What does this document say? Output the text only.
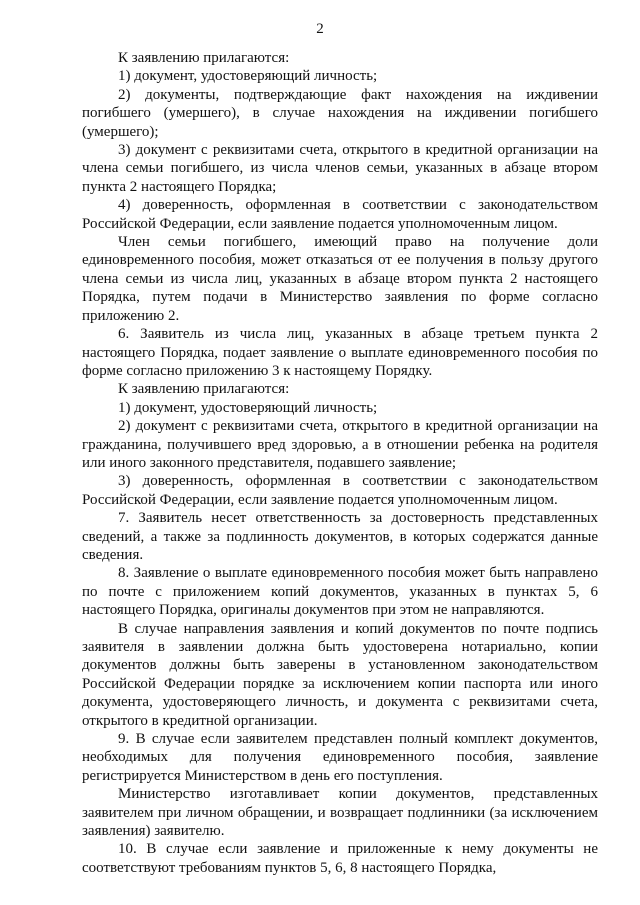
2

К заявлению прилагаются:

1) документ, удостоверяющий личность;

2) документы, подтверждающие факт нахождения на иждивении погибшего (умершего), в случае нахождения на иждивении погибшего (умершего);

3) документ с реквизитами счета, открытого в кредитной организации на члена семьи погибшего, из числа членов семьи, указанных в абзаце втором пункта 2 настоящего Порядка;

4) доверенность, оформленная в соответствии с законодательством Российской Федерации, если заявление подается уполномоченным лицом.

Член семьи погибшего, имеющий право на получение доли единовременного пособия, может отказаться от ее получения в пользу другого члена семьи из числа лиц, указанных в абзаце втором пункта 2 настоящего Порядка, путем подачи в Министерство заявления по форме согласно приложению 2.

6. Заявитель из числа лиц, указанных в абзаце третьем пункта 2 настоящего Порядка, подает заявление о выплате единовременного пособия по форме согласно приложению 3 к настоящему Порядку.

К заявлению прилагаются:

1) документ, удостоверяющий личность;

2) документ с реквизитами счета, открытого в кредитной организации на гражданина, получившего вред здоровью, а в отношении ребенка на родителя или иного законного представителя, подавшего заявление;

3) доверенность, оформленная в соответствии с законодательством Российской Федерации, если заявление подается уполномоченным лицом.

7. Заявитель несет ответственность за достоверность представленных сведений, а также за подлинность документов, в которых содержатся данные сведения.

8. Заявление о выплате единовременного пособия может быть направлено по почте с приложением копий документов, указанных в пунктах 5, 6 настоящего Порядка, оригиналы документов при этом не направляются.

В случае направления заявления и копий документов по почте подпись заявителя в заявлении должна быть удостоверена нотариально, копии документов должны быть заверены в установленном законодательством Российской Федерации порядке за исключением копии паспорта или иного документа, удостоверяющего личность, и документа с реквизитами счета, открытого в кредитной организации.

9. В случае если заявителем представлен полный комплект документов, необходимых для получения единовременного пособия, заявление регистрируется Министерством в день его поступления.

Министерство изготавливает копии документов, представленных заявителем при личном обращении, и возвращает подлинники (за исключением заявления) заявителю.

10. В случае если заявление и приложенные к нему документы не соответствуют требованиям пунктов 5, 6, 8 настоящего Порядка,
